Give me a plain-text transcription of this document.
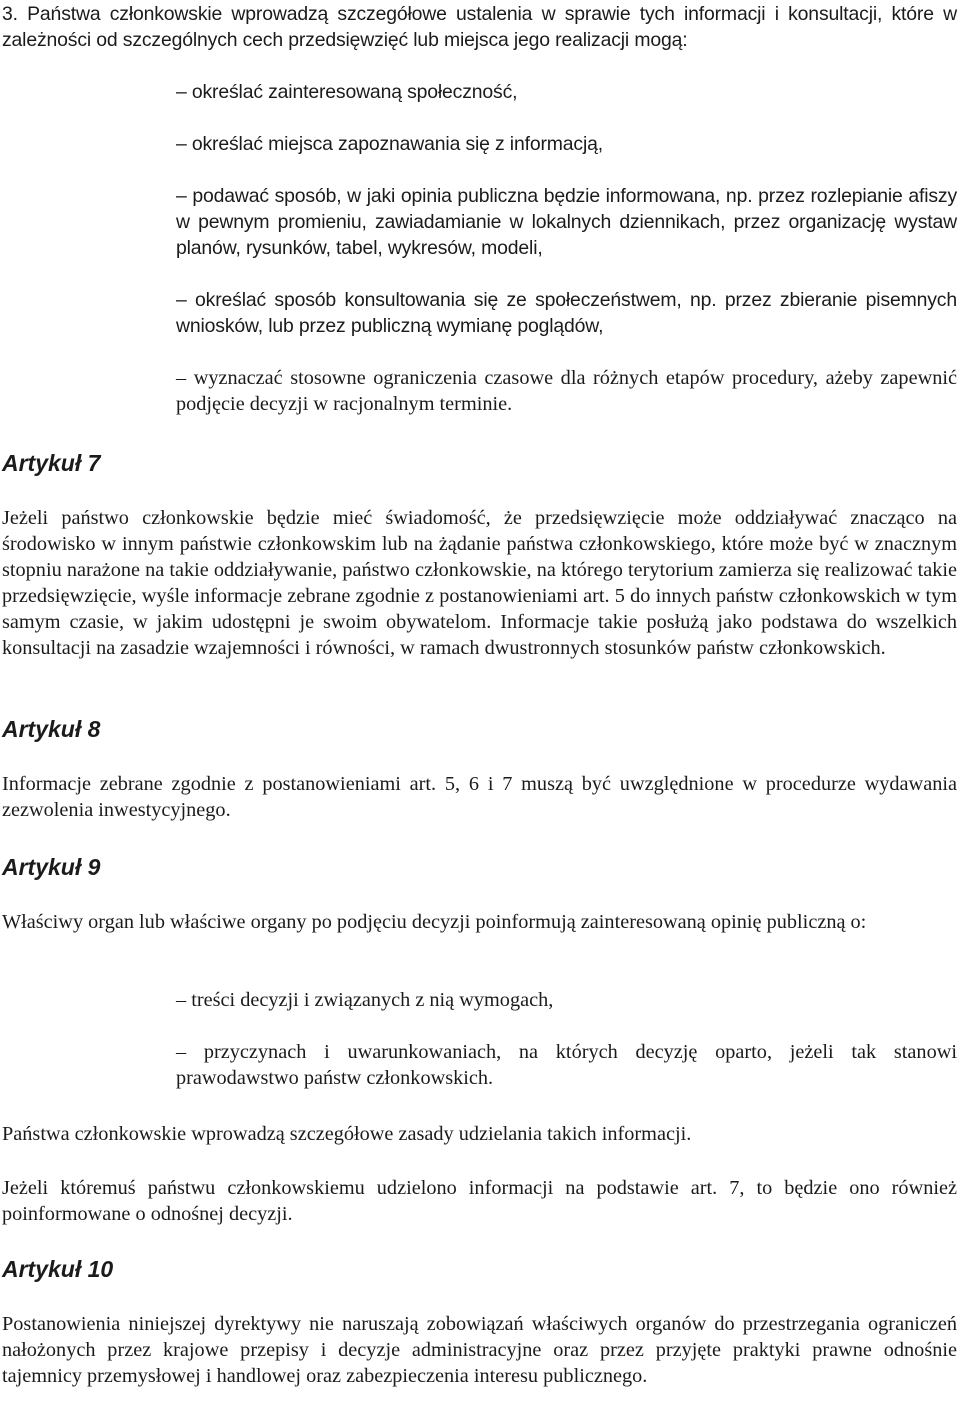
3. Państwa członkowskie wprowadzą szczegółowe ustalenia w sprawie tych informacji i konsultacji, które w zależności od szczególnych cech przedsięwzięć lub miejsca jego realizacji mogą:

– określać zainteresowaną społeczność,

– określać miejsca zapoznawania się z informacją,

– podawać sposób, w jaki opinia publiczna będzie informowana, np. przez rozlepianie afiszy w pewnym promieniu, zawiadamianie w lokalnych dziennikach, przez organizację wystaw planów, rysunków, tabel, wykresów, modeli,

– określać sposób konsultowania się ze społeczeństwem, np. przez zbieranie pisemnych wniosków, lub przez publiczną wymianę poglądów,

– wyznaczać stosowne ograniczenia czasowe dla różnych etapów procedury, ażeby zapewnić podjęcie decyzji w racjonalnym terminie.

Artykuł 7

Jeżeli państwo członkowskie będzie mieć świadomość, że przedsięwzięcie może oddziaływać znacząco na środowisko w innym państwie członkowskim lub na żądanie państwa członkowskiego, które może być w znacznym stopniu narażone na takie oddziaływanie, państwo członkowskie, na którego terytorium zamierza się realizować takie przedsięwzięcie, wyśle informacje zebrane zgodnie z postanowieniami art. 5 do innych państw członkowskich w tym samym czasie, w jakim udostępni je swoim obywatelom. Informacje takie posłużą jako podstawa do wszelkich konsultacji na zasadzie wzajemności i równości, w ramach dwustronnych stosunków państw członkowskich.

Artykuł 8

Informacje zebrane zgodnie z postanowieniami art. 5, 6 i 7 muszą być uwzględnione w procedurze wydawania zezwolenia inwestycyjnego.

Artykuł 9

Właściwy organ lub właściwe organy po podjęciu decyzji poinformują zainteresowaną opinię publiczną o:

– treści decyzji i związanych z nią wymogach,

– przyczynach i uwarunkowaniach, na których decyzję oparto, jeżeli tak stanowi prawodawstwo państw członkowskich.

Państwa członkowskie wprowadzą szczegółowe zasady udzielania takich informacji.

Jeżeli któremuś państwu członkowskiemu udzielono informacji na podstawie art. 7, to będzie ono również poinformowane o odnośnej decyzji.

Artykuł 10

Postanowienia niniejszej dyrektywy nie naruszają zobowiązań właściwych organów do przestrzegania ograniczeń nałożonych przez krajowe przepisy i decyzje administracyjne oraz przez przyjęte praktyki prawne odnośnie tajemnicy przemysłowej i handlowej oraz zabezpieczenia interesu publicznego.
